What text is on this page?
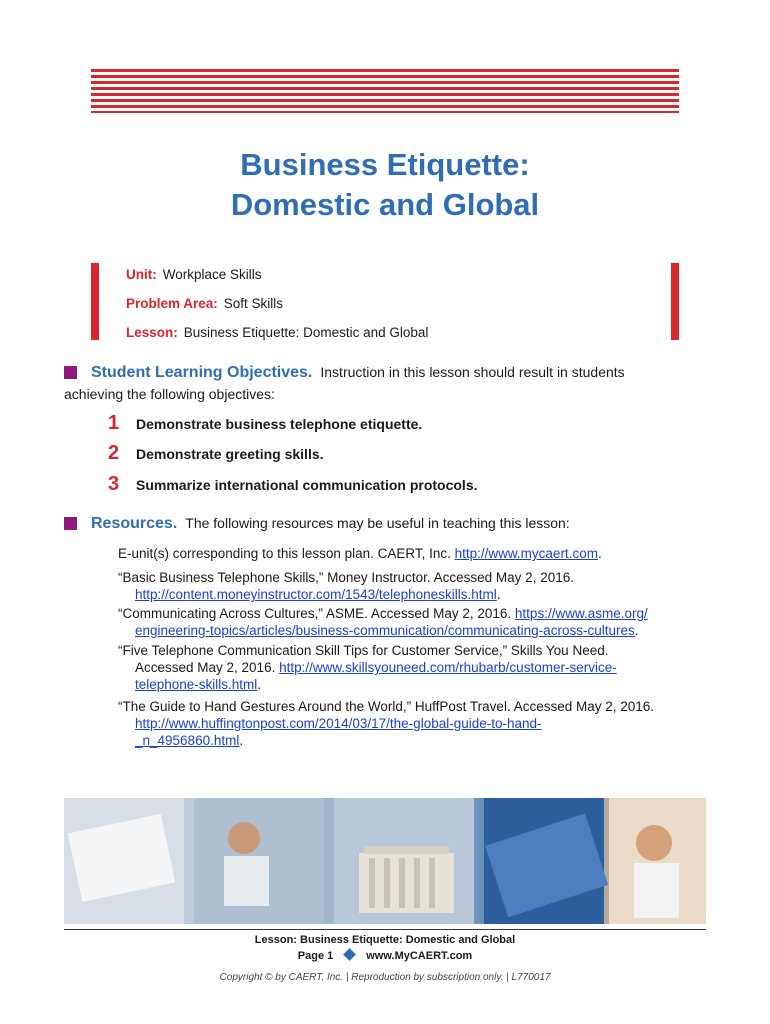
Business Etiquette:
Domestic and Global
Unit: Workplace Skills
Problem Area: Soft Skills
Lesson: Business Etiquette: Domestic and Global
Student Learning Objectives. Instruction in this lesson should result in students
achieving the following objectives:
1 Demonstrate business telephone etiquette.
2 Demonstrate greeting skills.
3 Summarize international communication protocols.
Resources. The following resources may be useful in teaching this lesson:
E-unit(s) corresponding to this lesson plan. CAERT, Inc. http://www.mycaert.com.
“Basic Business Telephone Skills,” Money Instructor. Accessed May 2, 2016.
http://content.moneyinstructor.com/1543/telephoneskills.html.
“Communicating Across Cultures,” ASME. Accessed May 2, 2016. https://www.asme.org/
engineering-topics/articles/business-communication/communicating-across-cultures.
“Five Telephone Communication Skill Tips for Customer Service,” Skills You Need.
Accessed May 2, 2016. http://www.skillsyouneed.com/rhubarb/customer-service-
telephone-skills.html.
“The Guide to Hand Gestures Around the World,” HuffPost Travel. Accessed May 2, 2016.
http://www.huffingtonpost.com/2014/03/17/the-global-guide-to-hand-
_n_4956860.html.
Lesson: Business Etiquette: Domestic and Global
Page 1	www.MyCAERT.com
Copyright © by CAERT, Inc. | Reproduction by subscription only. | L770017
